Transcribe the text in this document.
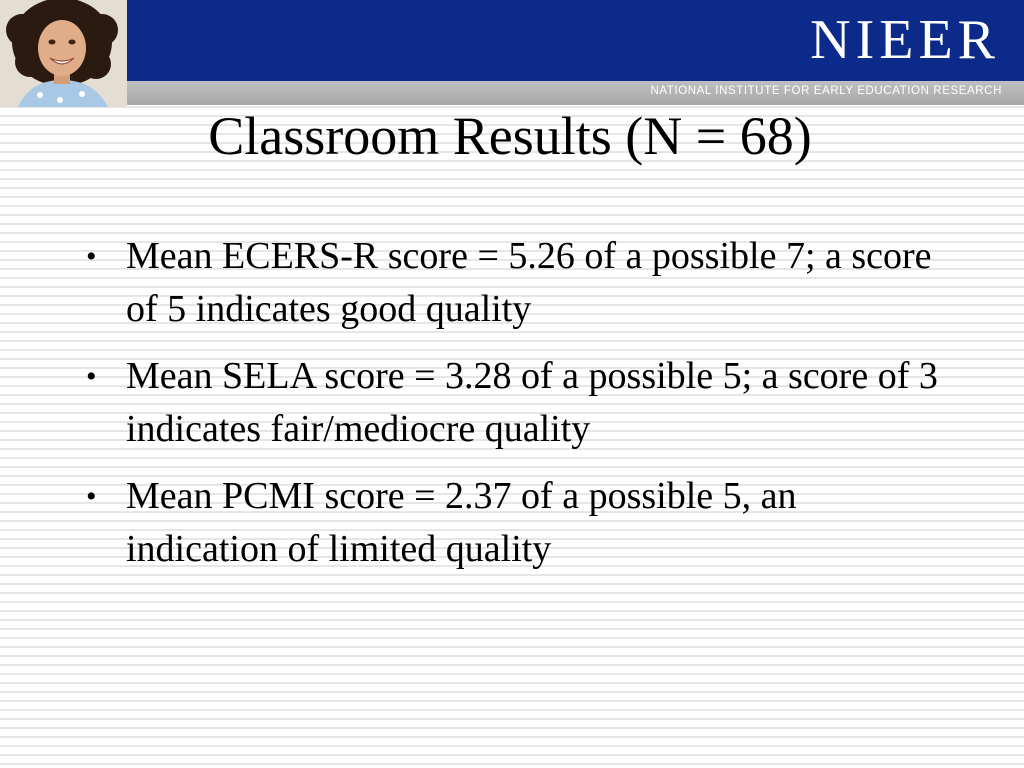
NIEER
NATIONAL INSTITUTE FOR EARLY EDUCATION RESEARCH
Classroom Results (N = 68)
• Mean ECERS-R score = 5.26 of a possible 7; a score of 5 indicates good quality
• Mean SELA score = 3.28 of a possible 5; a score of 3 indicates fair/mediocre quality
• Mean PCMI score = 2.37 of a possible 5, an indication of limited quality
